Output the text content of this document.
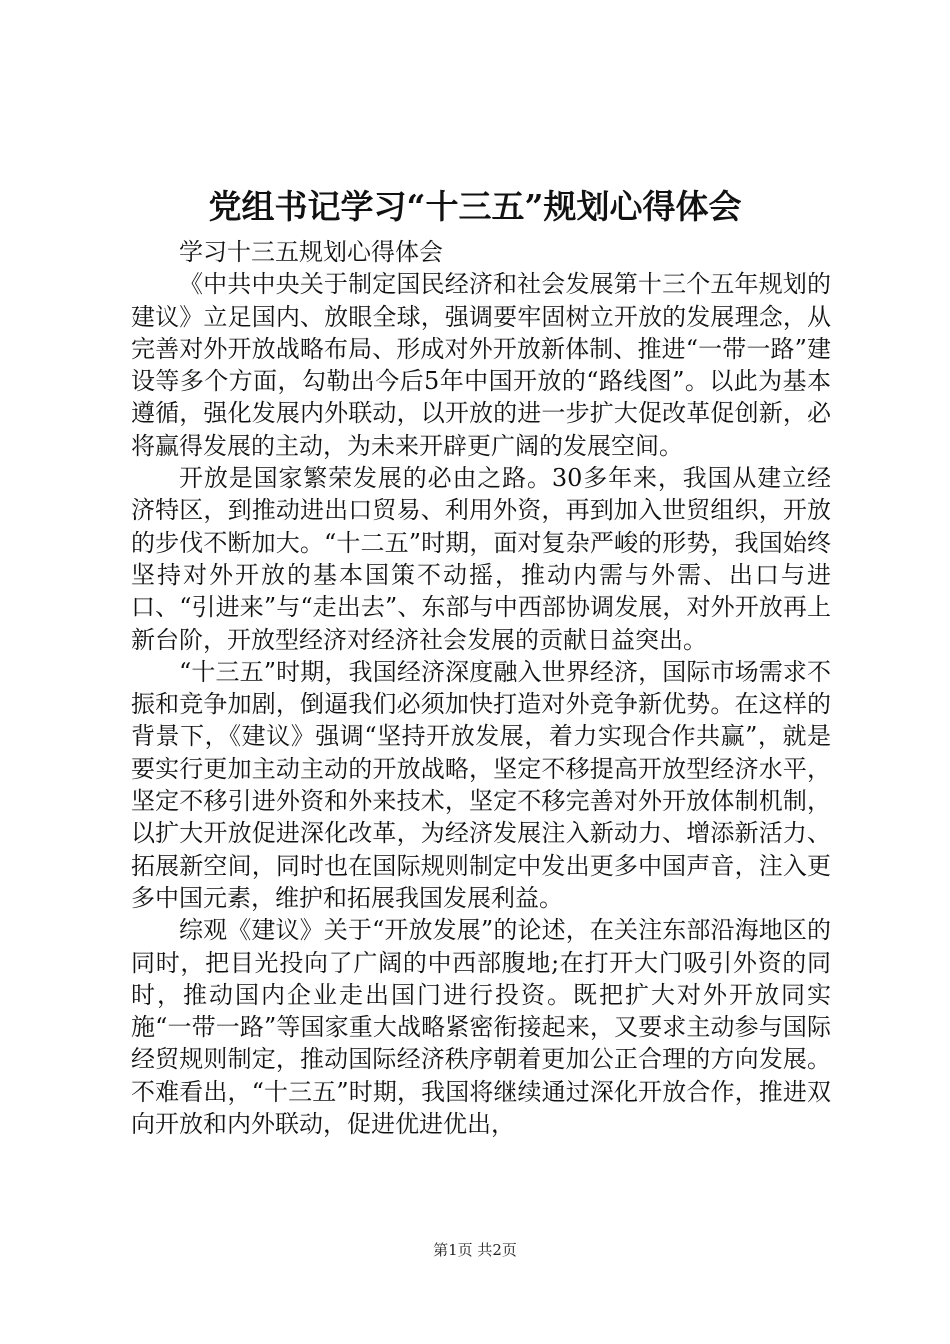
党组书记学习“十三五”规划心得体会

学习十三五规划心得体会

《中共中央关于制定国民经济和社会发展第十三个五年规划的建议》立足国内、放眼全球，强调要牢固树立开放的发展理念，从完善对外开放战略布局、形成对外开放新体制、推进“一带一路”建设等多个方面，勾勒出今后5年中国开放的“路线图”。以此为基本遵循，强化发展内外联动，以开放的进一步扩大促改革促创新，必将赢得发展的主动，为未来开辟更广阔的发展空间。

开放是国家繁荣发展的必由之路。30多年来，我国从建立经济特区，到推动进出口贸易、利用外资，再到加入世贸组织，开放的步伐不断加大。“十二五”时期，面对复杂严峻的形势，我国始终坚持对外开放的基本国策不动摇，推动内需与外需、出口与进口、“引进来”与“走出去”、东部与中西部协调发展，对外开放再上新台阶，开放型经济对经济社会发展的贡献日益突出。

“十三五”时期，我国经济深度融入世界经济，国际市场需求不振和竞争加剧，倒逼我们必须加快打造对外竞争新优势。在这样的背景下，《建议》强调“坚持开放发展，着力实现合作共赢”，就是要实行更加主动主动的开放战略，坚定不移提高开放型经济水平，坚定不移引进外资和外来技术，坚定不移完善对外开放体制机制，以扩大开放促进深化改革，为经济发展注入新动力、增添新活力、拓展新空间，同时也在国际规则制定中发出更多中国声音，注入更多中国元素，维护和拓展我国发展利益。

综观《建议》关于“开放发展”的论述，在关注东部沿海地区的同时，把目光投向了广阔的中西部腹地;在打开大门吸引外资的同时，推动国内企业走出国门进行投资。既把扩大对外开放同实施“一带一路”等国家重大战略紧密衔接起来，又要求主动参与国际经贸规则制定，推动国际经济秩序朝着更加公正合理的方向发展。不难看出，“十三五”时期，我国将继续通过深化开放合作，推进双向开放和内外联动，促进优进优出，

第1页 共2页
